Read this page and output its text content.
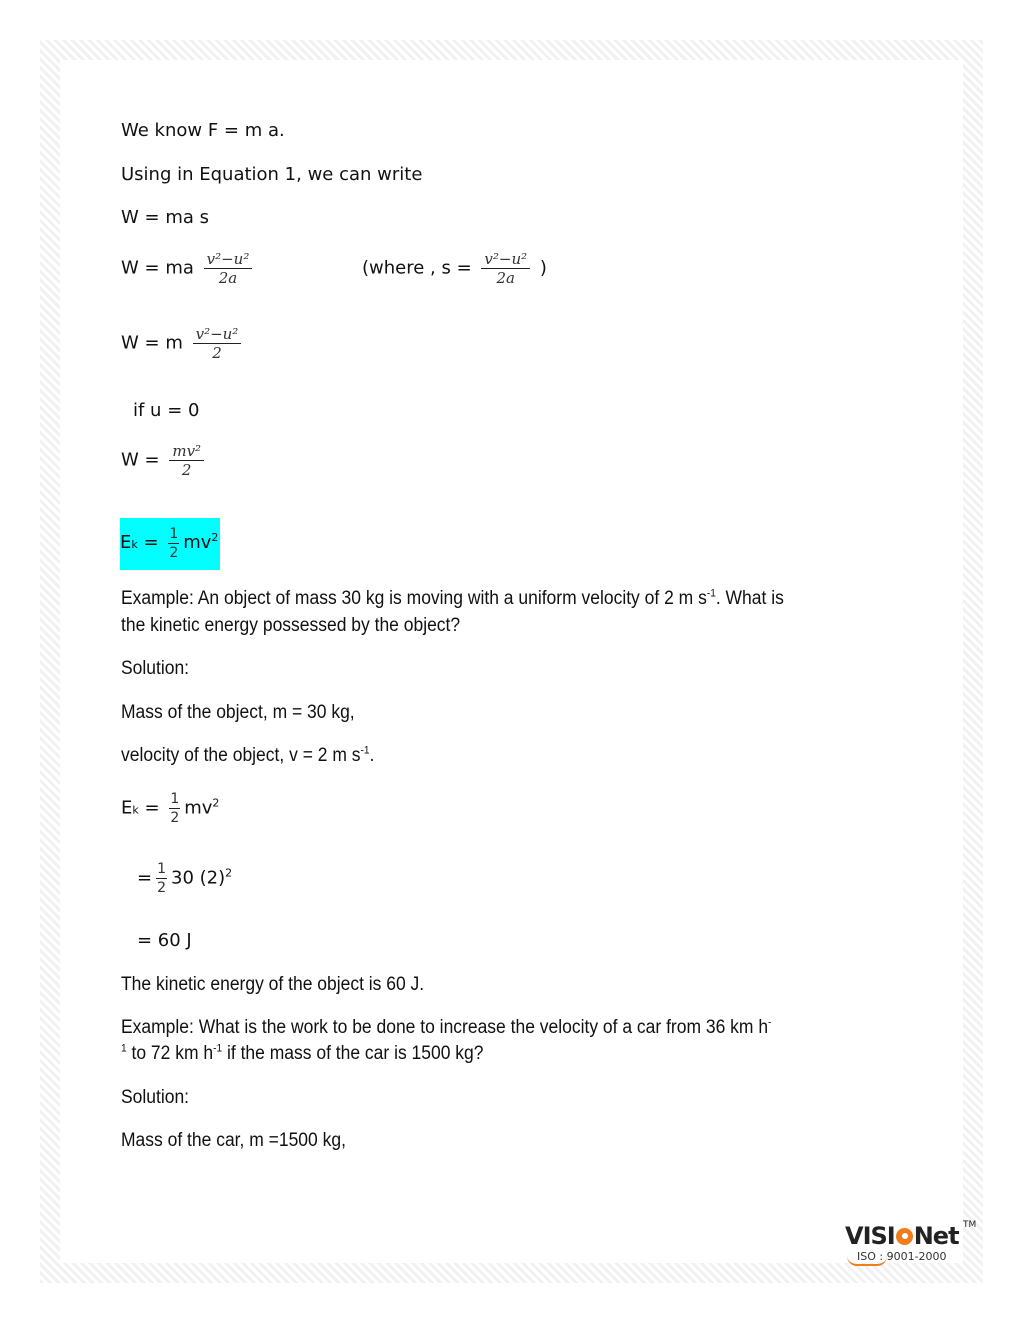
We know F = m a.
Using in Equation 1, we can write
W = ma s
W = ma $\frac{\text{v²−u²}}{2a}$	(where , $s = \frac{\text{v²−u²}}{2a}$ )
W = m $\frac{\text{v²−u²}}{2}$
if u = 0
$W = \frac{\text{mv²}}{2}$
$Ek = \frac{1}{2} mv^2$
Example: An object of mass 30 kg is moving with a uniform velocity of 2 m $s^{-1}$. What is
the kinetic energy possessed by the object?
Solution:
Mass of the object, m = 30 kg,
velocity of the object, v = 2 m $s^{-1}$.
$Ek = \frac{1}{2} mv^2$
= $\frac{1}{2} 30$ $(2)^2$
= 60 J
The kinetic energy of the object is 60 J.
Example: What is the work to be done to increase the velocity of a car from 36 km h-
$^1$ to 72 km $h^{-1}$ if the mass of the car is 1500 kg?
Solution:
Mass of the car, m =1500 kg,
VISI Net TM
ISO : 9001-2000
